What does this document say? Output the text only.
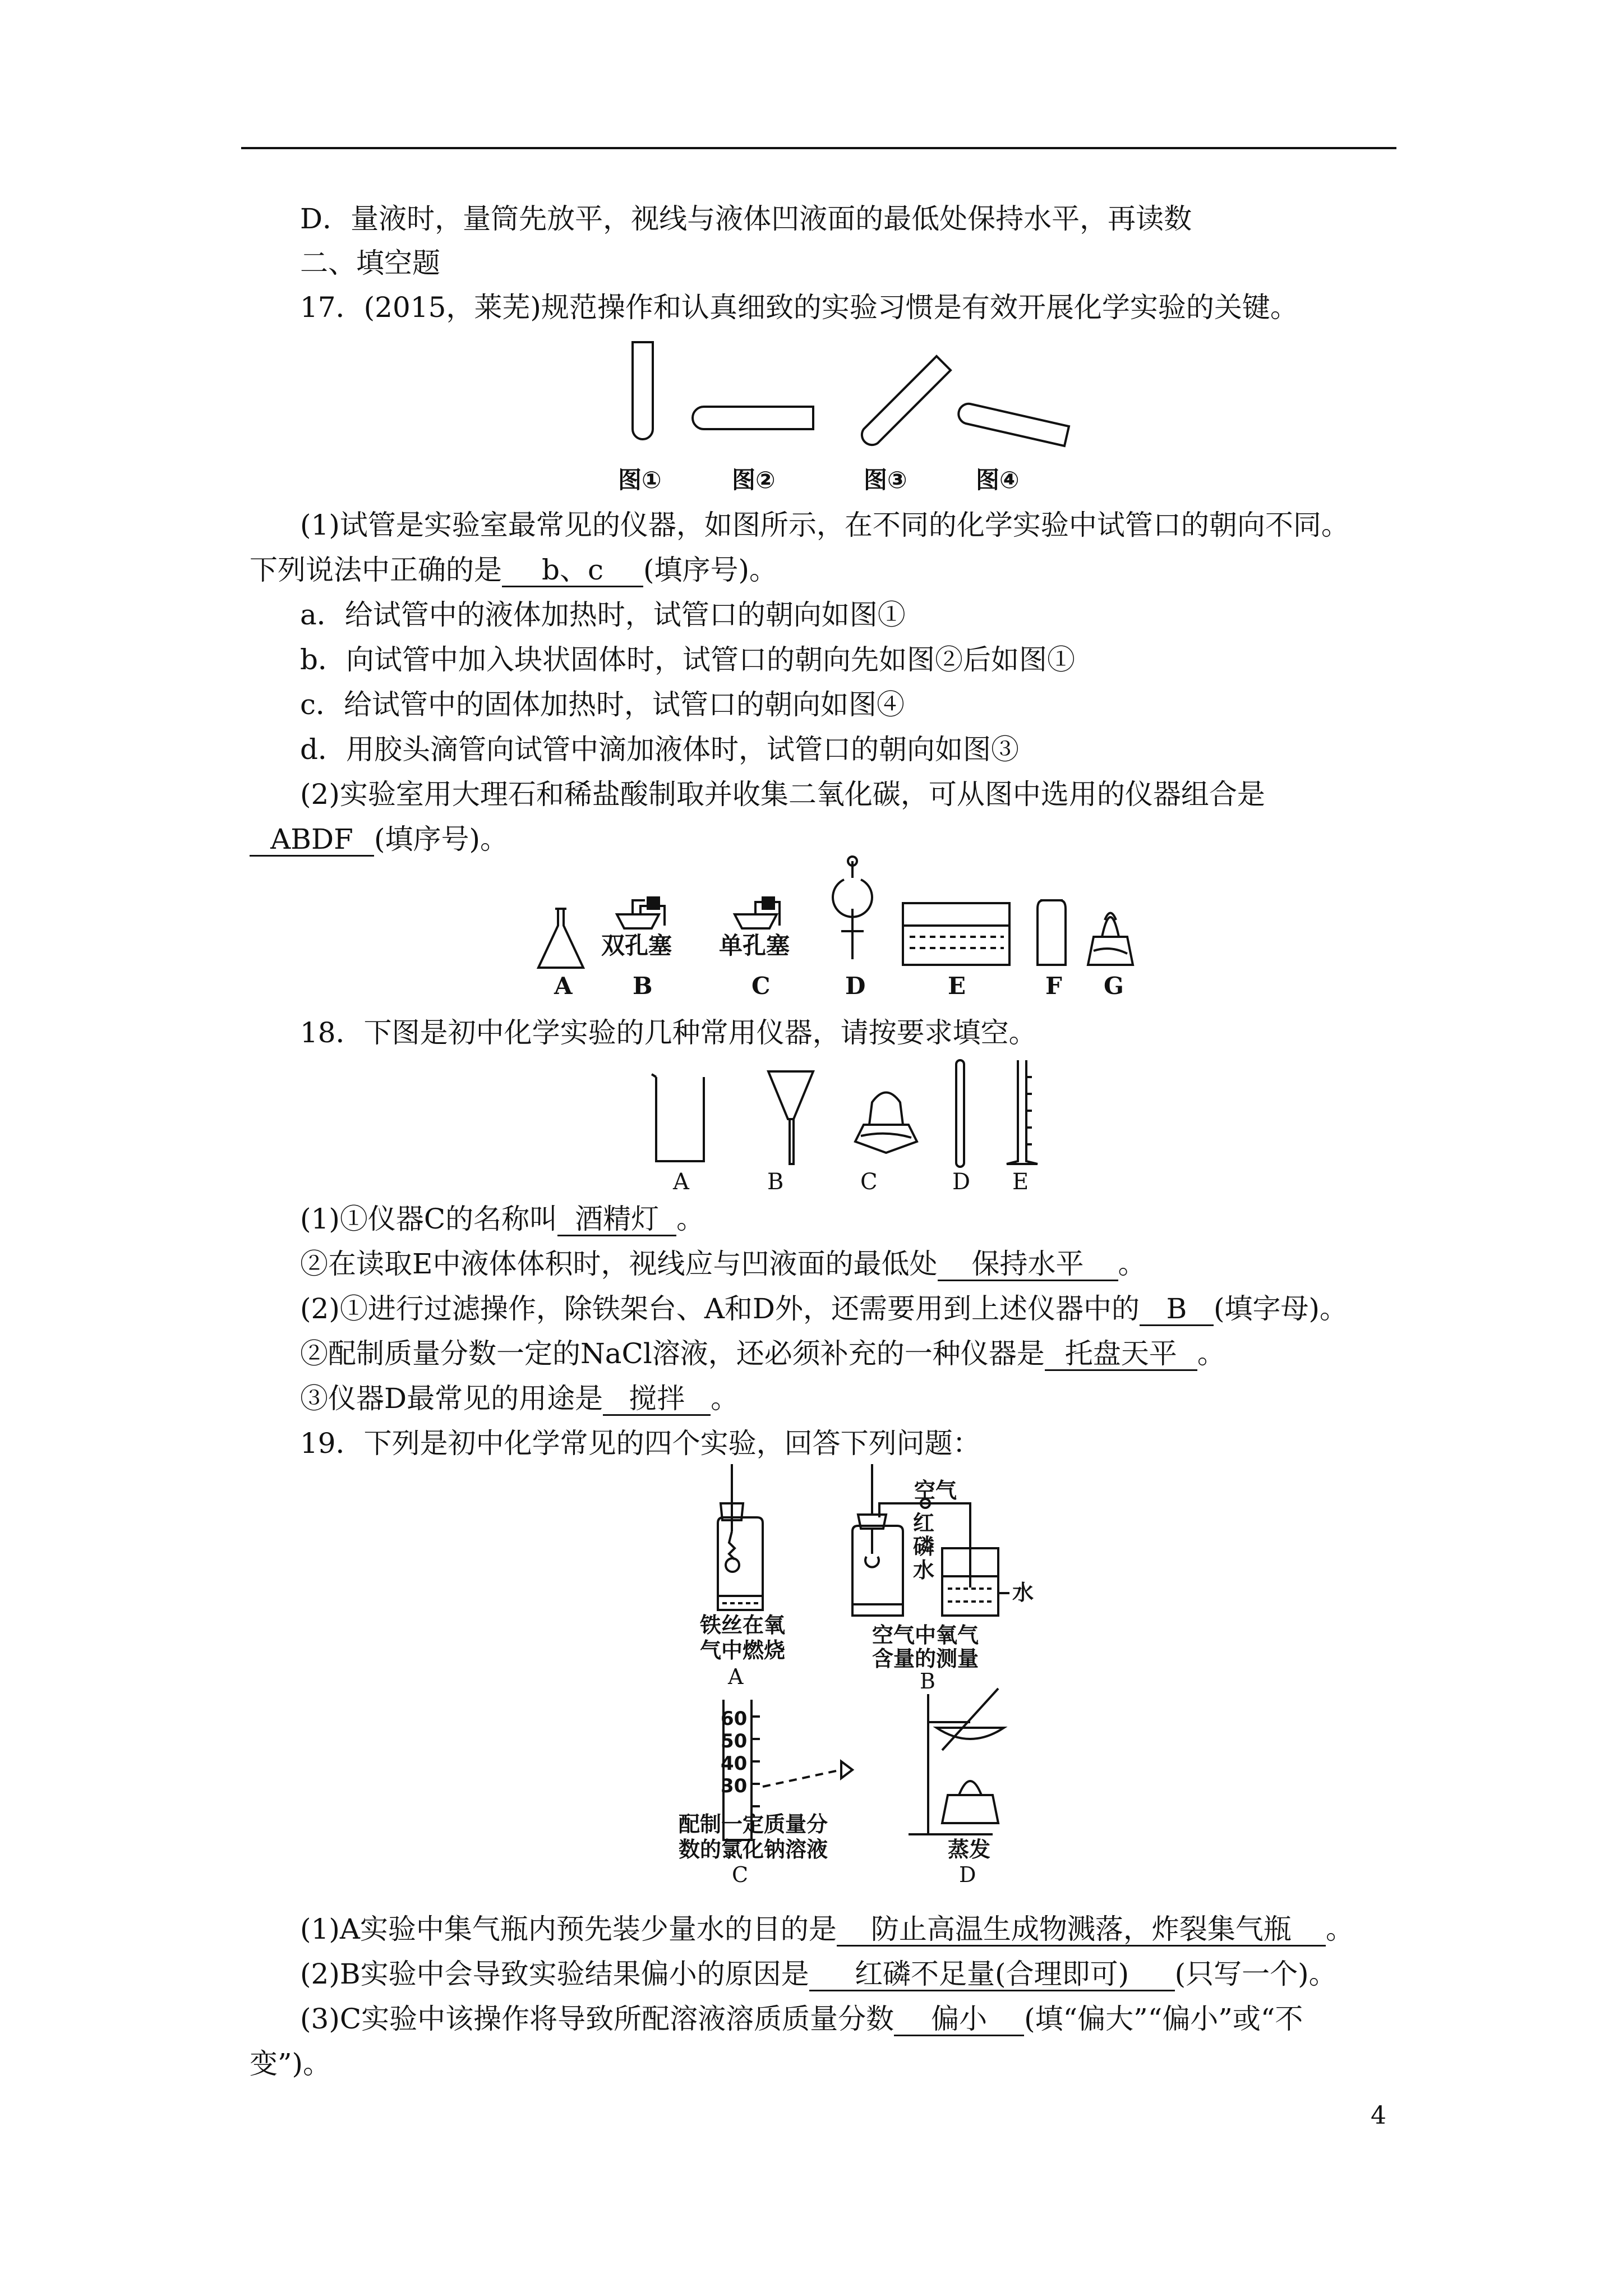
D．量液时，量筒先放平，视线与液体凹液面的最低处保持水平，再读数
二、填空题
17．(2015，莱芜)规范操作和认真细致的实验习惯是有效开展化学实验的关键。
图①	图②	图③	图④
(1)试管是实验室最常见的仪器，如图所示，在不同的化学实验中试管口的朝向不同。
下列说法中正确的是 b、c (填序号)。
a．给试管中的液体加热时，试管口的朝向如图①
b．向试管中加入块状固体时，试管口的朝向先如图②后如图①
c．给试管中的固体加热时，试管口的朝向如图④
d．用胶头滴管向试管中滴加液体时，试管口的朝向如图③
(2)实验室用大理石和稀盐酸制取并收集二氧化碳，可从图中选用的仪器组合是
ABDF (填序号)。
双孔塞 单孔塞
A	B	C	D	E	F G
18．下图是初中化学实验的几种常用仪器，请按要求填空。
A	B	C	D E
(1)①仪器C的名称叫 酒精灯 。
②在读取E中液体体积时，视线应与凹液面的最低处 保持水平 。
(2)①进行过滤操作，除铁架台、A和D外，还需要用到上述仪器中的 B (填字母)。
②配制质量分数一定的NaCl溶液，还必须补充的一种仪器是 托盘天平 。
③仪器D最常见的用途是 搅拌 。
19．下列是初中化学常见的四个实验，回答下列问题：
铁丝在氧
气中燃烧
A
空气
红
磷
水
水
空气中氧气
含量的测量
B
60
50
40
30
配制一定质量分
数的氯化钠溶液
C
蒸发
D
(1)A实验中集气瓶内预先装少量水的目的是 防止高温生成物溅落，炸裂集气瓶 。
(2)B实验中会导致实验结果偏小的原因是 红磷不足量(合理即可) (只写一个)。
(3)C实验中该操作将导致所配溶液溶质质量分数 偏小 (填“偏大”“偏小”或“不
变”)。
4
